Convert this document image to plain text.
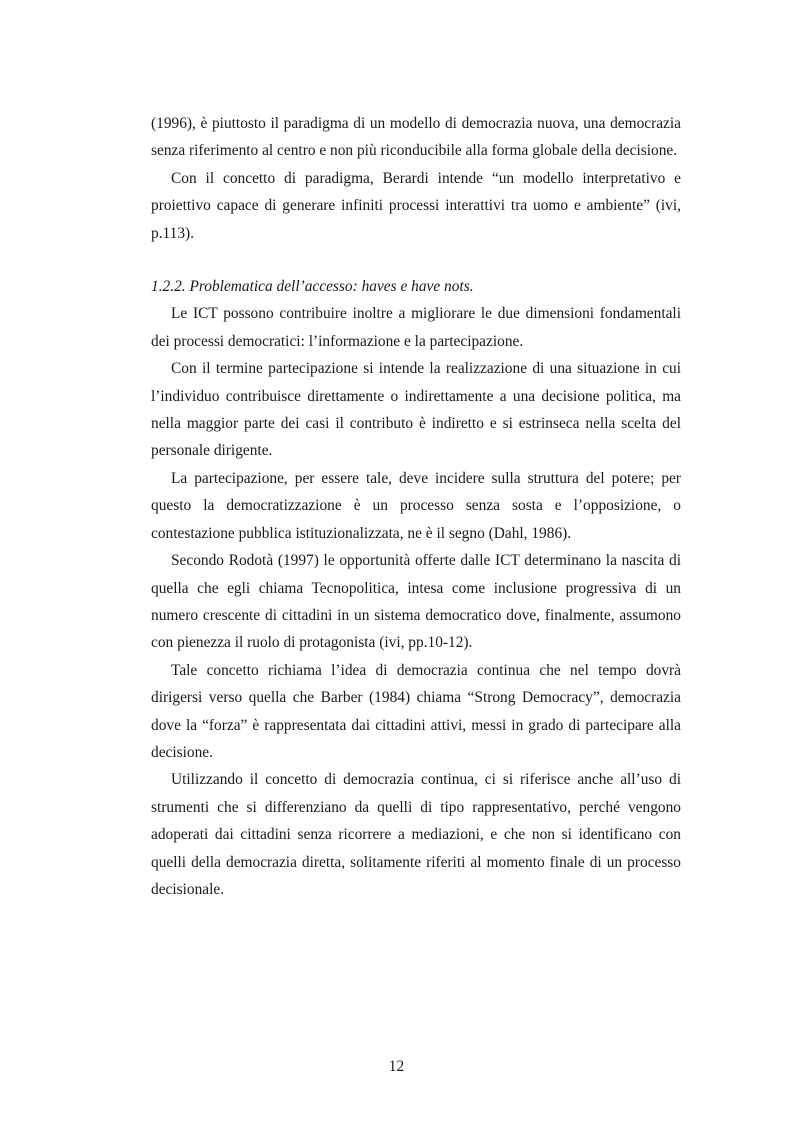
(1996), è piuttosto il paradigma di un modello di democrazia nuova, una democrazia senza riferimento al centro e non più riconducibile alla forma globale della decisione.

Con il concetto di paradigma, Berardi intende “un modello interpretativo e proiettivo capace di generare infiniti processi interattivi tra uomo e ambiente” (ivi, p.113).

1.2.2. Problematica dell’accesso: haves e have nots.

Le ICT possono contribuire inoltre a migliorare le due dimensioni fondamentali dei processi democratici: l’informazione e la partecipazione.

Con il termine partecipazione si intende la realizzazione di una situazione in cui l’individuo contribuisce direttamente o indirettamente a una decisione politica, ma nella maggior parte dei casi il contributo è indiretto e si estrinseca nella scelta del personale dirigente.

La partecipazione, per essere tale, deve incidere sulla struttura del potere; per questo la democratizzazione è un processo senza sosta e l’opposizione, o contestazione pubblica istituzionalizzata, ne è il segno (Dahl, 1986).

Secondo Rodotà (1997) le opportunità offerte dalle ICT determinano la nascita di quella che egli chiama Tecnopolitica, intesa come inclusione progressiva di un numero crescente di cittadini in un sistema democratico dove, finalmente, assumono con pienezza il ruolo di protagonista (ivi, pp.10-12).

Tale concetto richiama l’idea di democrazia continua che nel tempo dovrà dirigersi verso quella che Barber (1984) chiama “Strong Democracy”, democrazia dove la “forza” è rappresentata dai cittadini attivi, messi in grado di partecipare alla decisione.

Utilizzando il concetto di democrazia continua, ci si riferisce anche all’uso di strumenti che si differenziano da quelli di tipo rappresentativo, perché vengono adoperati dai cittadini senza ricorrere a mediazioni, e che non si identificano con quelli della democrazia diretta, solitamente riferiti al momento finale di un processo decisionale.

12
